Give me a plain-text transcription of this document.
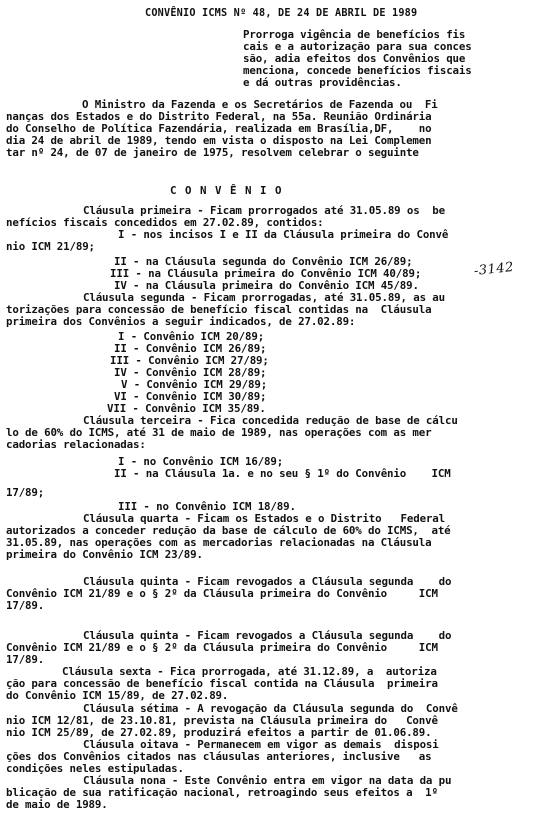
CONVÊNIO ICMS Nº 48, DE 24 DE ABRIL DE 1989
Prorroga vigência de benefícios fis
cais e a autorização para sua conces
são, adia efeitos dos Convênios que
menciona, concede benefícios fiscais
e dá outras providências.
O Ministro da Fazenda e os Secretários de Fazenda ou  Fi
nanças dos Estados e do Distrito Federal, na 55a. Reunião Ordinária
do Conselho de Política Fazendária, realizada em Brasília,DF,    no
dia 24 de abril de 1989, tendo em vista o disposto na Lei Complemen
tar nº 24, de 07 de janeiro de 1975, resolvem celebrar o seguinte
C O N V Ê N I O
Cláusula primeira - Ficam prorrogados até 31.05.89 os  be
nefícios fiscais concedidos em 27.02.89, contidos:
I - nos incisos I e II da Cláusula primeira do Convê
nio ICM 21/89;
II - na Cláusula segunda do Convênio ICM 26/89;
III - na Cláusula primeira do Convênio ICM 40/89;
IV - na Cláusula primeira do Convênio ICM 45/89.
Cláusula segunda - Ficam prorrogadas, até 31.05.89, as au
torizações para concessão de benefício fiscal contidas na  Cláusula
primeira dos Convênios a seguir indicados, de 27.02.89:
I - Convênio ICM 20/89;
II - Convênio ICM 26/89;
III - Convênio ICM 27/89;
IV - Convênio ICM 28/89;
V - Convênio ICM 29/89;
VI - Convênio ICM 30/89;
VII - Convênio ICM 35/89.
Cláusula terceira - Fica concedida redução de base de cálcu
lo de 60% do ICMS, até 31 de maio de 1989, nas operações com as mer
cadorias relacionadas:
I - no Convênio ICM 16/89;
II - na Cláusula 1a. e no seu § 1º do Convênio    ICM
17/89;
III - no Convênio ICM 18/89.
Cláusula quarta - Ficam os Estados e o Distrito   Federal
autorizados a conceder redução da base de cálculo de 60% do ICMS,  até
31.05.89, nas operações com as mercadorias relacionadas na Cláusula
primeira do Convênio ICM 23/89.
Cláusula quinta - Ficam revogados a Cláusula segunda    do
Convênio ICM 21/89 e o § 2º da Cláusula primeira do Convênio     ICM
17/89.
Cláusula quinta - Ficam revogados a Cláusula segunda    do
Convênio ICM 21/89 e o § 2º da Cláusula primeira do Convênio     ICM
17/89.
Cláusula sexta - Fica prorrogada, até 31.12.89, a  autoriza
ção para concessão de benefício fiscal contida na Cláusula  primeira
do Convênio ICM 15/89, de 27.02.89.
Cláusula sétima - A revogação da Cláusula segunda do  Convê
nio ICM 12/81, de 23.10.81, prevista na Cláusula primeira do   Convê
nio ICM 25/89, de 27.02.89, produzirá efeitos a partir de 01.06.89.
Cláusula oitava - Permanecem em vigor as demais  disposi
ções dos Convênios citados nas cláusulas anteriores, inclusive   as
condições neles estipuladas.
Cláusula nona - Este Convênio entra em vigor na data da pu
blicação de sua ratificação nacional, retroagindo seus efeitos a  1º
de maio de 1989.
-3142
